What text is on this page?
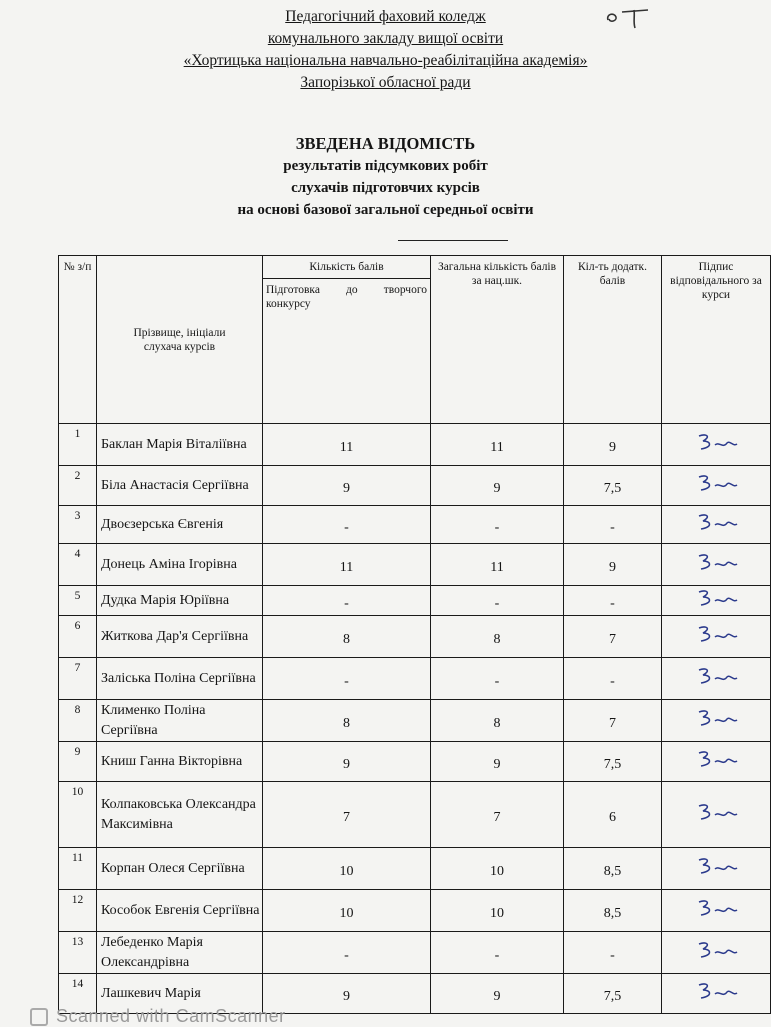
Педагогічний фаховий коледж
комунального закладу вищої освіти
«Хортицька національна навчально-реабілітаційна академія»
Запорізької обласної ради
ЗВЕДЕНА ВІДОМІСТЬ
результатів підсумкових робіт
слухачів підготовчих курсів
на основі базової загальної середньої освіти
№ з/п	Прізвище, ініціали слухача курсів	Кількість балів	Загальна кількість балів за нац.шк.	Кіл-ть додатк. балів	Підпис відповідального за курси

		Підготовка до творчого конкурсу			

1	Баклан Марія Віталіївна	11	11	9	
2	Біла Анастасія Сергіївна	9	9	7,5	
3	Двоєзерська Євгенія	-	-	-	
4	Донець Аміна Ігорівна	11	11	9	
5	Дудка Марія Юріївна	-	-	-	
6	Житкова Дар'я Сергіївна	8	8	7	
7	Заліська Поліна Сергіївна	-	-	-	
8	Клименко Поліна Сергіївна	8	8	7	
9	Книш Ганна Вікторівна	9	9	7,5	
10	Колпаковська Олександра Максимівна	7	7	6	
11	Корпан Олеся Сергіївна	10	10	8,5	
12	Кособок Евгенія Сергіївна	10	10	8,5	
13	Лебеденко Марія Олександрівна	-	-	-	
14	Лашкевич Марія	9	9	7,5	
Scanned with CamScanner
